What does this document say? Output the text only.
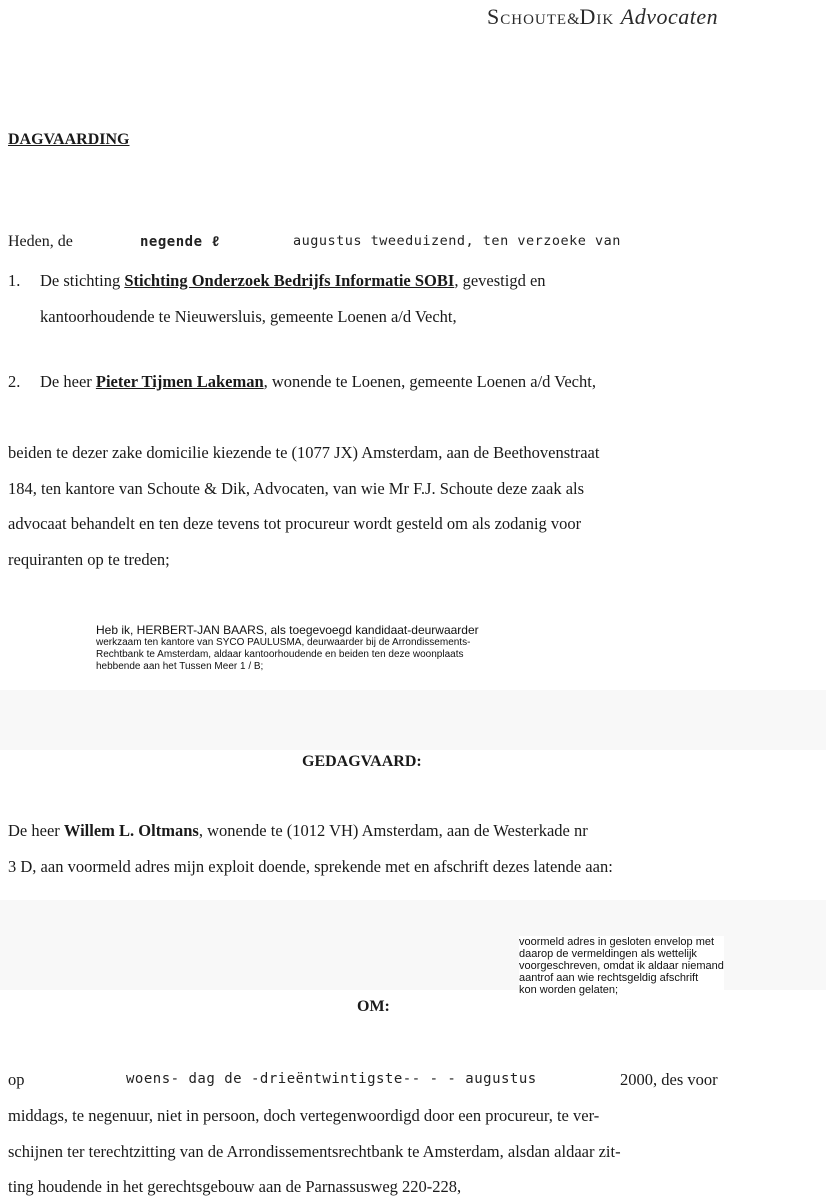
Schoute&Dik Advocaten
DAGVAARDING
Heden, de	negende ℓ	augustus tweeduizend, ten verzoeke van
1. De stichting Stichting Onderzoek Bedrijfs Informatie SOBI, gevestigd en
kantoorhoudende te Nieuwersluis, gemeente Loenen a/d Vecht,
2. De heer Pieter Tijmen Lakeman, wonende te Loenen, gemeente Loenen a/d Vecht,
beiden te dezer zake domicilie kiezende te (1077 JX) Amsterdam, aan de Beethovenstraat
184, ten kantore van Schoute & Dik, Advocaten, van wie Mr F.J. Schoute deze zaak als
advocaat behandelt en ten deze tevens tot procureur wordt gesteld om als zodanig voor
requiranten op te treden;
Heb ik, HERBERT-JAN BAARS, als toegevoegd kandidaat-deurwaarder
werkzaam ten kantore van SYCO PAULUSMA, deurwaarder bij de Arrondissements-
Rechtbank te Amsterdam, aldaar kantoorhoudende en beiden ten deze woonplaats
hebbende aan het Tussen Meer 1 / B;
GEDAGVAARD:
De heer Willem L. Oltmans, wonende te (1012 VH) Amsterdam, aan de Westerkade nr
3 D, aan voormeld adres mijn exploit doende, sprekende met en afschrift dezes latende aan:
voormeld adres in gesloten envelop met
daarop de vermeldingen als wettelijk
voorgeschreven, omdat ik aldaar niemand
aantrof aan wie rechtsgeldig afschrift
kon worden gelaten;
OM:
op	woens- dag de -drieëntwintigste-- - - augustus	2000, des voor
middags, te negenuur, niet in persoon, doch vertegenwoordigd door een procureur, te ver-
schijnen ter terechtzitting van de Arrondissementsrechtbank te Amsterdam, alsdan aldaar zit-
ting houdende in het gerechtsgebouw aan de Parnassusweg 220-228,
